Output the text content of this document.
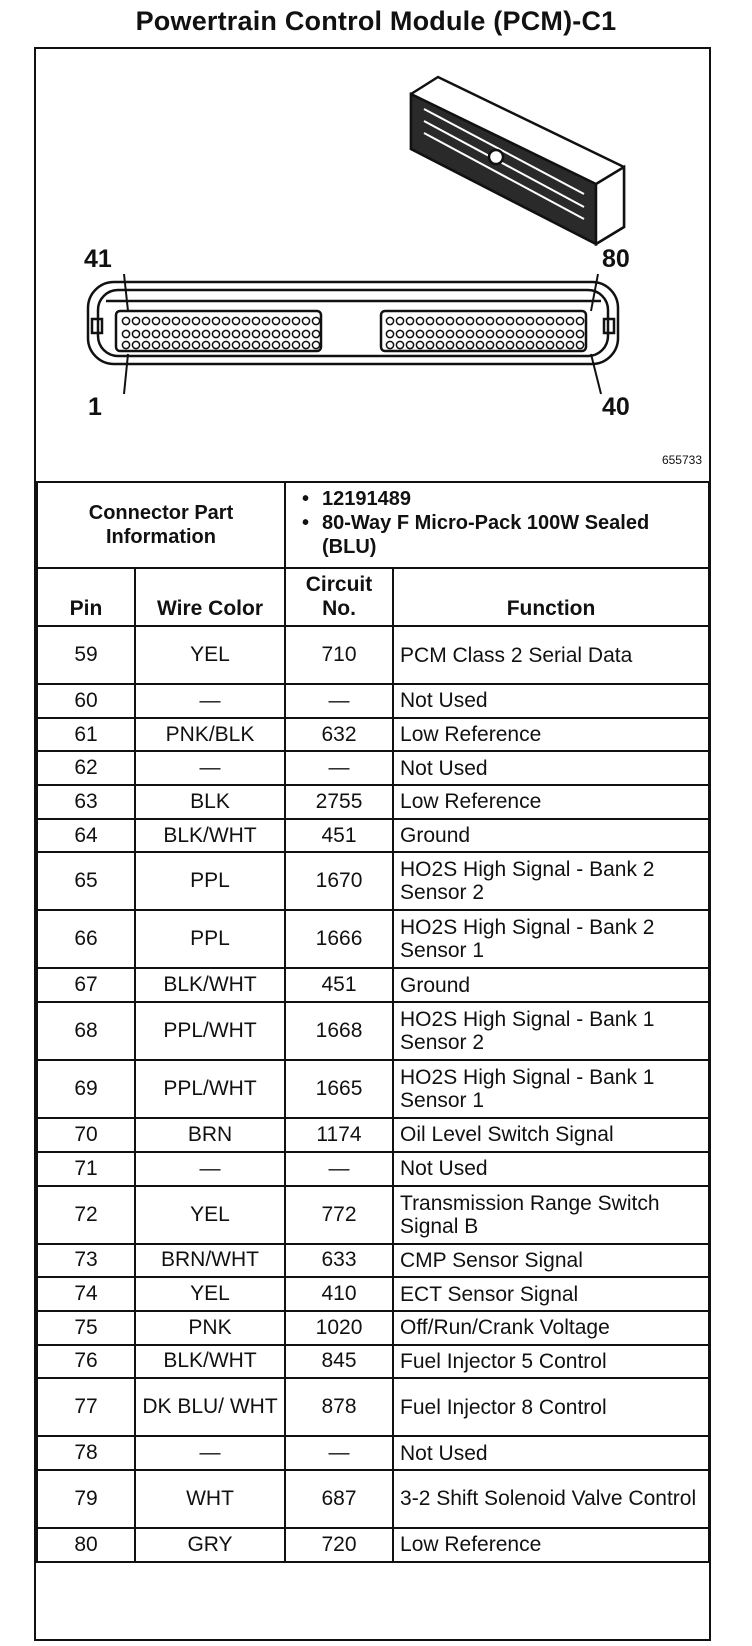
Powertrain Control Module (PCM)-C1
41	80
1	40
655733
Connector Part Information		• 12191489
• 80-Way F Micro-Pack 100W Sealed (BLU)

Pin	Wire Color	Circuit No.	Function
59	YEL	710	PCM Class 2 Serial Data
60	—	—	Not Used
61	PNK/BLK	632	Low Reference
62	—	—	Not Used
63	BLK	2755	Low Reference
64	BLK/WHT	451	Ground
65	PPL	1670	HO2S High Signal - Bank 2 Sensor 2
66	PPL	1666	HO2S High Signal - Bank 2 Sensor 1
67	BLK/WHT	451	Ground
68	PPL/WHT	1668	HO2S High Signal - Bank 1 Sensor 2
69	PPL/WHT	1665	HO2S High Signal - Bank 1 Sensor 1
70	BRN	1174	Oil Level Switch Signal
71	—	—	Not Used
72	YEL	772	Transmission Range Switch Signal B
73	BRN/WHT	633	CMP Sensor Signal
74	YEL	410	ECT Sensor Signal
75	PNK	1020	Off/Run/Crank Voltage
76	BLK/WHT	845	Fuel Injector 5 Control
77	DK BLU/ WHT	878	Fuel Injector 8 Control
78	—	—	Not Used
79	WHT	687	3-2 Shift Solenoid Valve Control
80	GRY	720	Low Reference
